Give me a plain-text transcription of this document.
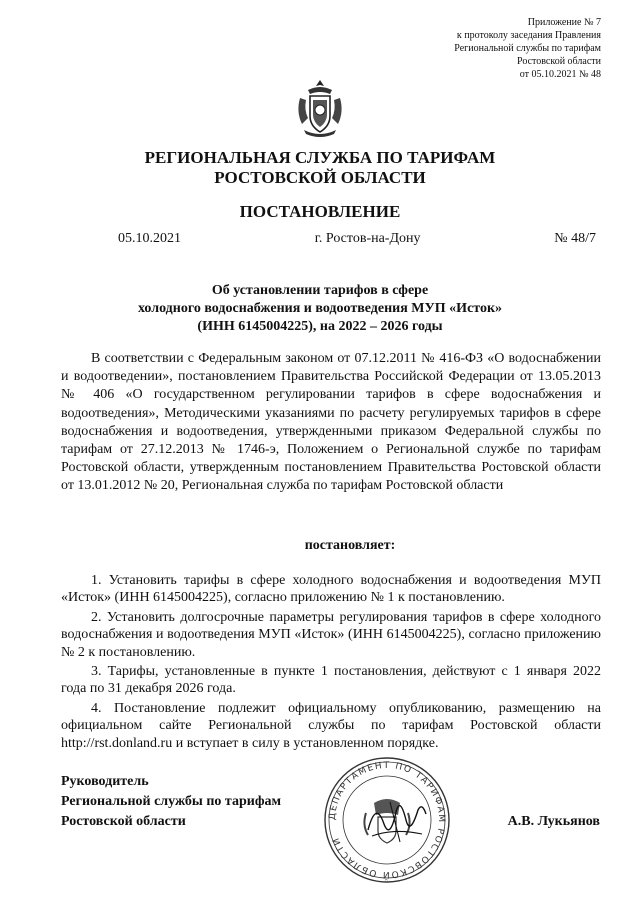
Приложение № 7
к протоколу заседания Правления
Региональной службы по тарифам
Ростовской области
от 05.10.2021 № 48
РЕГИОНАЛЬНАЯ СЛУЖБА ПО ТАРИФАМ
РОСТОВСКОЙ ОБЛАСТИ
ПОСТАНОВЛЕНИЕ
05.10.2021	г. Ростов-на-Дону	№ 48/7
Об установлении тарифов в сфере
холодного водоснабжения и водоотведения МУП «Исток»
(ИНН 6145004225), на 2022 – 2026 годы

В соответствии с Федеральным законом от 07.12.2011 № 416-ФЗ «О водоснабжении и водоотведении», постановлением Правительства Российской Федерации от 13.05.2013 № 406 «О государственном регулировании тарифов в сфере водоснабжения и водоотведения», Методическими указаниями по расчету регулируемых тарифов в сфере водоснабжения и водоотведения, утвержденными приказом Федеральной службы по тарифам от 27.12.2013 № 1746-э, Положением о Региональной службе по тарифам Ростовской области, утвержденным постановлением Правительства Ростовской области от 13.01.2012 № 20, Региональная служба по тарифам Ростовской области

постановляет:

1. Установить тарифы в сфере холодного водоснабжения и водоотведения МУП «Исток» (ИНН 6145004225), согласно приложению № 1 к постановлению.

2. Установить долгосрочные параметры регулирования тарифов в сфере холодного водоснабжения и водоотведения МУП «Исток» (ИНН 6145004225), согласно приложению № 2 к постановлению.

3. Тарифы, установленные в пункте 1 постановления, действуют с 1 января 2022 года по 31 декабря 2026 года.

4. Постановление подлежит официальному опубликованию, размещению на официальном сайте Региональной службы по тарифам Ростовской области http://rst.donland.ru и вступает в силу в установленном порядке.

Руководитель
Региональной службы по тарифам
Ростовской области	ДЕПАРТАМЕНТ ПО ТАРИФАМ РОСТОВСКОЙ ОБЛАСТИ
А.В. Лукьянов
